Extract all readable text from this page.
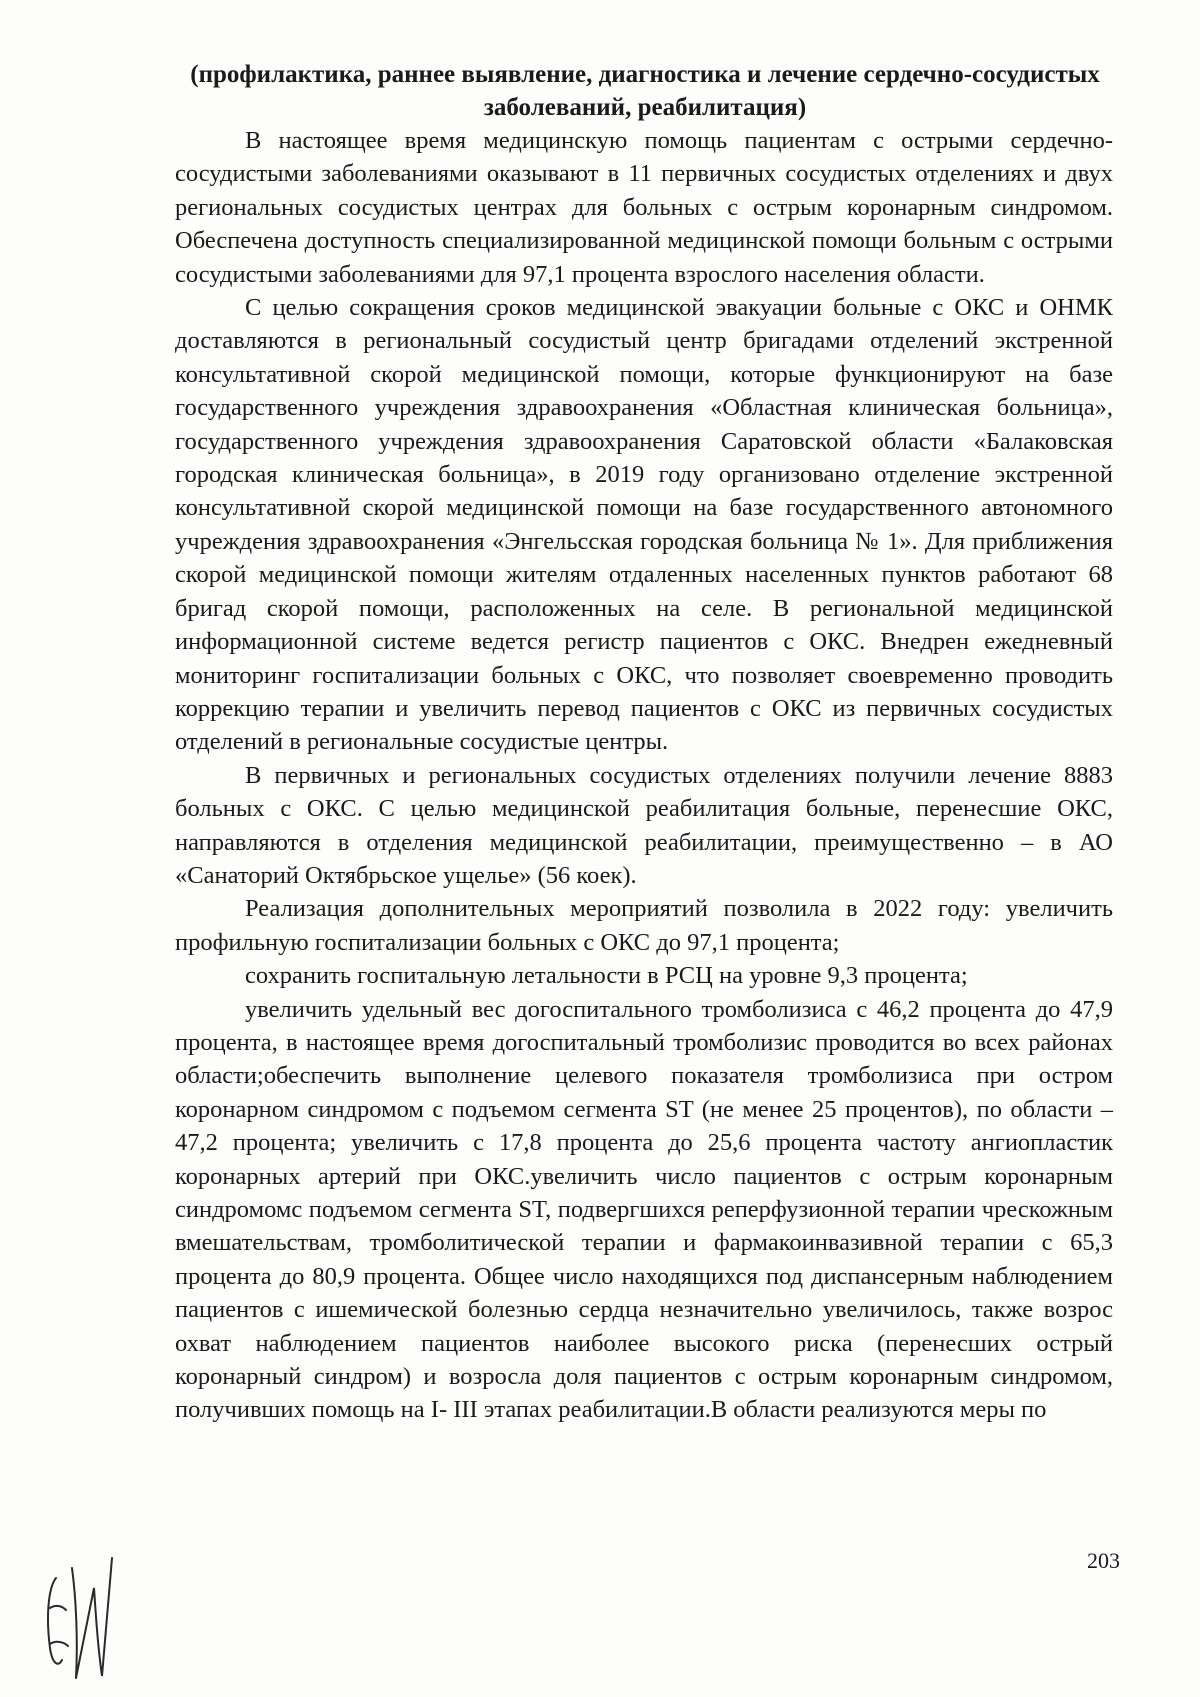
(профилактика, раннее выявление, диагностика и лечение сердечно-сосудистых заболеваний, реабилитация)

В настоящее время медицинскую помощь пациентам с острыми сердечно-сосудистыми заболеваниями оказывают в 11 первичных сосудистых отделениях и двух региональных сосудистых центрах для больных с острым коронарным синдромом. Обеспечена доступность специализированной медицинской помощи больным с острыми сосудистыми заболеваниями для 97,1 процента взрослого населения области.

С целью сокращения сроков медицинской эвакуации больные с ОКС и ОНМК доставляются в региональный сосудистый центр бригадами отделений экстренной консультативной скорой медицинской помощи, которые функционируют на базе государственного учреждения здравоохранения «Областная клиническая больница», государственного учреждения здравоохранения Саратовской области «Балаковская городская клиническая больница», в 2019 году организовано отделение экстренной консультативной скорой медицинской помощи на базе государственного автономного учреждения здравоохранения «Энгельсская городская больница № 1». Для приближения скорой медицинской помощи жителям отдаленных населенных пунктов работают 68 бригад скорой помощи, расположенных на селе. В региональной медицинской информационной системе ведется регистр пациентов с ОКС. Внедрен ежедневный мониторинг госпитализации больных с ОКС, что позволяет своевременно проводить коррекцию терапии и увеличить перевод пациентов с ОКС из первичных сосудистых отделений в региональные сосудистые центры.

В первичных и региональных сосудистых отделениях получили лечение 8883 больных с ОКС. С целью медицинской реабилитация больные, перенесшие ОКС, направляются в отделения медицинской реабилитации, преимущественно – в АО «Санаторий Октябрьское ущелье» (56 коек).

Реализация дополнительных мероприятий позволила в 2022 году: увеличить профильную госпитализации больных с ОКС до 97,1 процента;

сохранить госпитальную летальности в РСЦ на уровне 9,3 процента;

увеличить удельный вес догоспитального тромболизиса с 46,2 процента до 47,9 процента, в настоящее время догоспитальный тромболизис проводится во всех районах области;обеспечить выполнение целевого показателя тромболизиса при остром коронарном синдромом с подъемом сегмента ST (не менее 25 процентов), по области – 47,2 процента; увеличить с 17,8 процента до 25,6 процента частоту ангиопластик коронарных артерий при ОКС.увеличить число пациентов с острым коронарным синдромомс подъемом сегмента ST, подвергшихся реперфузионной терапии чрескожным вмешательствам, тромболитической терапии и фармакоинвазивной терапии с 65,3 процента до 80,9 процента. Общее число находящихся под диспансерным наблюдением пациентов с ишемической болезнью сердца незначительно увеличилось, также возрос охват наблюдением пациентов наиболее высокого риска (перенесших острый коронарный синдром) и возросла доля пациентов с острым коронарным синдромом, получивших помощь на I- III этапах реабилитации.В области реализуются меры по

203
